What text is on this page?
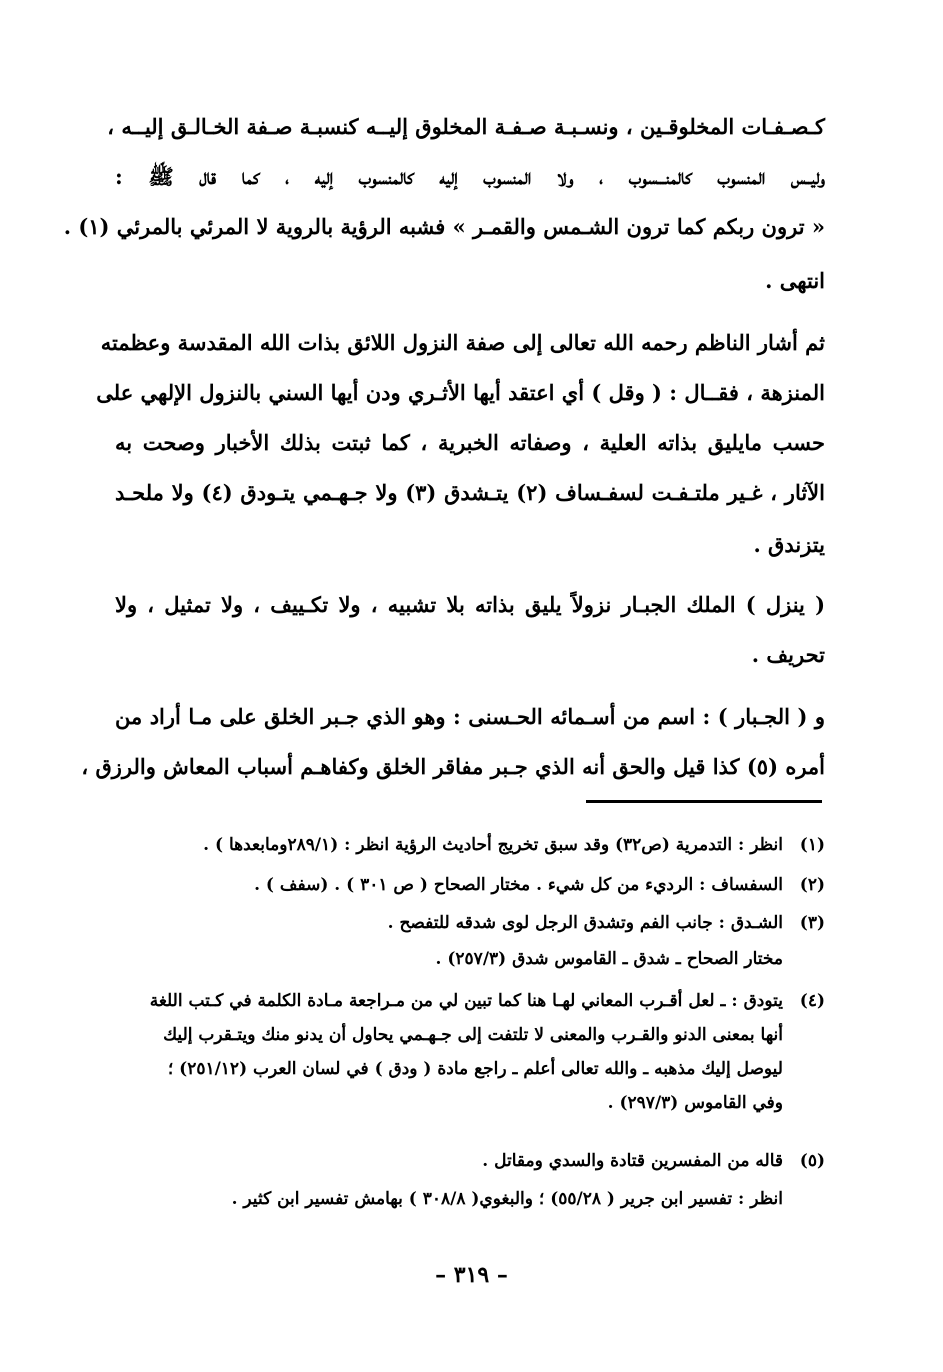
كـصـفـات المخلوقـين ، ونسـبـة صـفـة المخلوق إليــه كنسبـة صـفة الخـالـق إليــه ،
وليــس المنسوب كالمنـــسوب ، ولا المنسوب إليه كالمنسوب إليه ، كما قال ﷺ :
« ترون ربكم كما ترون الشـمس والقمـر » فشبه الرؤية بالروية لا المرئي بالمرئي (١) .
انتهى .
ثم أشار الناظم رحمه الله تعالى إلى صفة النزول اللائق بذات الله المقدسة وعظمته
المنزهة ، فقــال : ( وقل ) أي اعتقد أيها الأثـري ودن أيها السني بالنزول الإلهي على
حسب مايليق بذاته العلية ، وصفاته الخبرية ، كما ثبتت بذلك الأخبار وصحت به
الآثار ، غـير ملتـفـت لسفـساف (٢) يتـشدق (٣) ولا جـهـمي يتـودق (٤) ولا ملحـد
يتزندق .
( ينزل ) الملك الجبـار نزولاً يليق بذاته بلا تشبيه ، ولا تكـييف ، ولا تمثيل ، ولا
تحريف .
و ( الجـبار ) : اسم من أسـمائه الحـسنى : وهو الذي جـبر الخلق على مـا أراد من
أمره (٥) كذا قيل والحق أنه الذي جـبر مفاقر الخلق وكفاهـم أسباب المعاش والرزق ،
(١)
انظر : التدمرية (ص٣٢) وقد سبق تخريج أحاديث الرؤية انظر : (٢٨٩/١ومابعدها ) .
(٢)
السفساف : الرديء من كل شيء . مختار الصحاح ( ص ٣٠١ ) . (سفف ) .
(٣)
الشـدق : جانب الفم وتشدق الرجل لوى شدقه للتفصح .
مختار الصحاح ـ شدق ـ القاموس شدق (٢٥٧/٣) .
(٤)
يتودق : ـ لعل أقـرب المعاني لهـا هنا كما تبين لي من مـراجعة مـادة الكلمة في كـتب اللغة
أنها بمعنى الدنو والقـرب والمعنى لا تلتفت إلى جـهـمي يحاول أن يدنو منك ويتـقرب إليك
ليوصل إليك مذهبه ـ والله تعالى أعلم ـ راجع مادة ( ودق ) في لسان العرب (٢٥١/١٢) ؛
وفي القاموس (٢٩٧/٣) .
(٥)
قاله من المفسرين قتادة والسدي ومقاتل .
انظر : تفسير ابن جرير ( ٥٥/٢٨) ؛ والبغوي( ٣٠٨/٨ ) بهامش تفسير ابن كثير .
– ٣١٩ –
